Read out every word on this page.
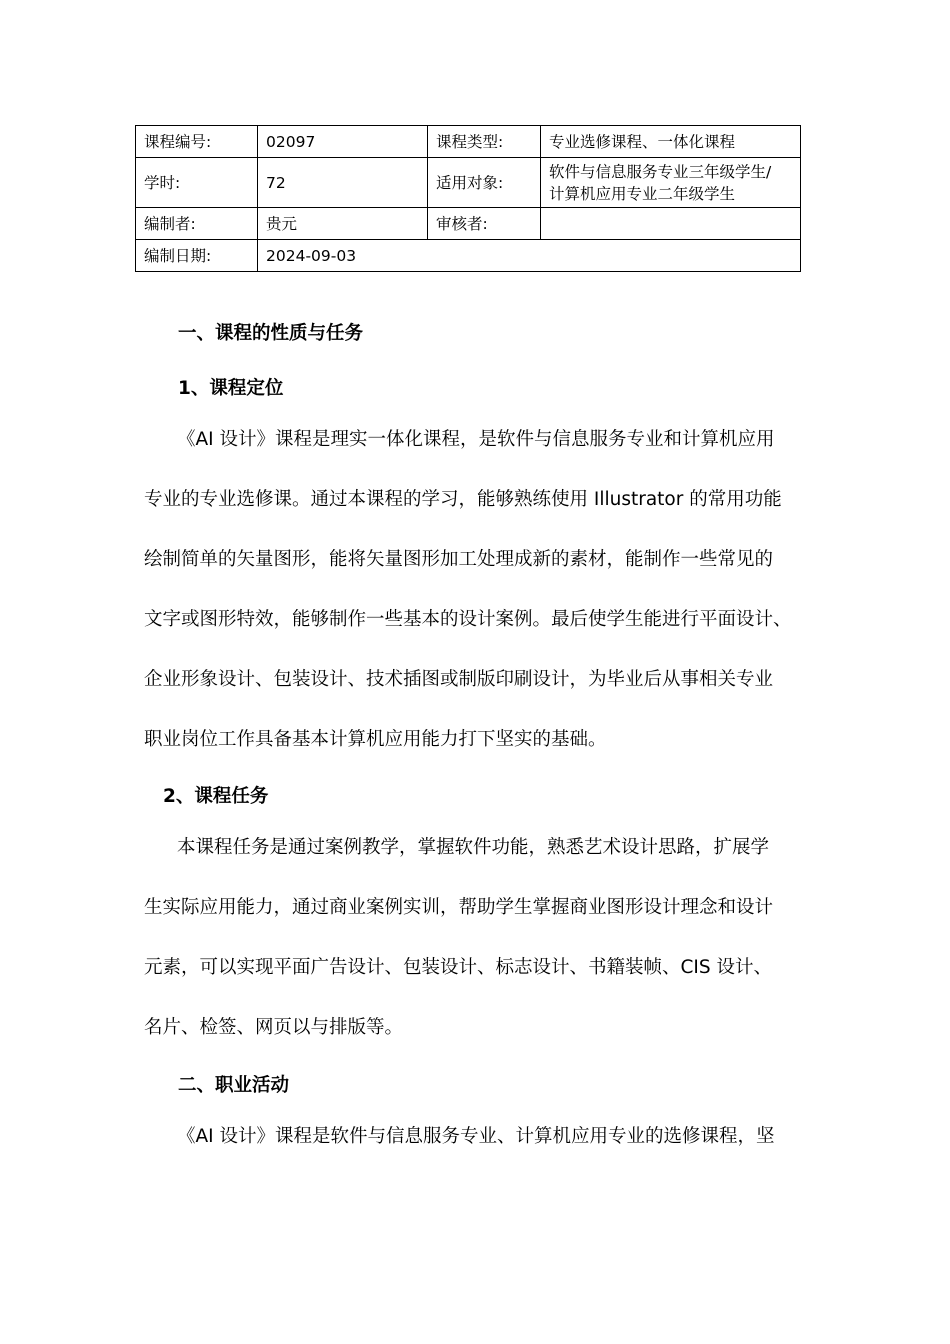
课程编号:	02097	课程类型:	专业选修课程、一体化课程
学时:	72	适用对象:	软件与信息服务专业三年级学生/
计算机应用专业二年级学生

编制者:	贵元	审核者:	
编制日期:	2024-09-03		
一、课程的性质与任务
1、课程定位
《AI 设计》课程是理实一体化课程，是软件与信息服务专业和计算机应用
专业的专业选修课。通过本课程的学习，能够熟练使用 Illustrator 的常用功能
绘制简单的矢量图形，能将矢量图形加工处理成新的素材，能制作一些常见的
文字或图形特效，能够制作一些基本的设计案例。最后使学生能进行平面设计、
企业形象设计、包装设计、技术插图或制版印刷设计，为毕业后从事相关专业
职业岗位工作具备基本计算机应用能力打下坚实的基础。
2、课程任务
本课程任务是通过案例教学，掌握软件功能，熟悉艺术设计思路，扩展学
生实际应用能力，通过商业案例实训，帮助学生掌握商业图形设计理念和设计
元素，可以实现平面广告设计、包装设计、标志设计、书籍装帧、CIS 设计、
名片、检签、网页以与排版等。
二、职业活动
《AI 设计》课程是软件与信息服务专业、计算机应用专业的选修课程，坚
